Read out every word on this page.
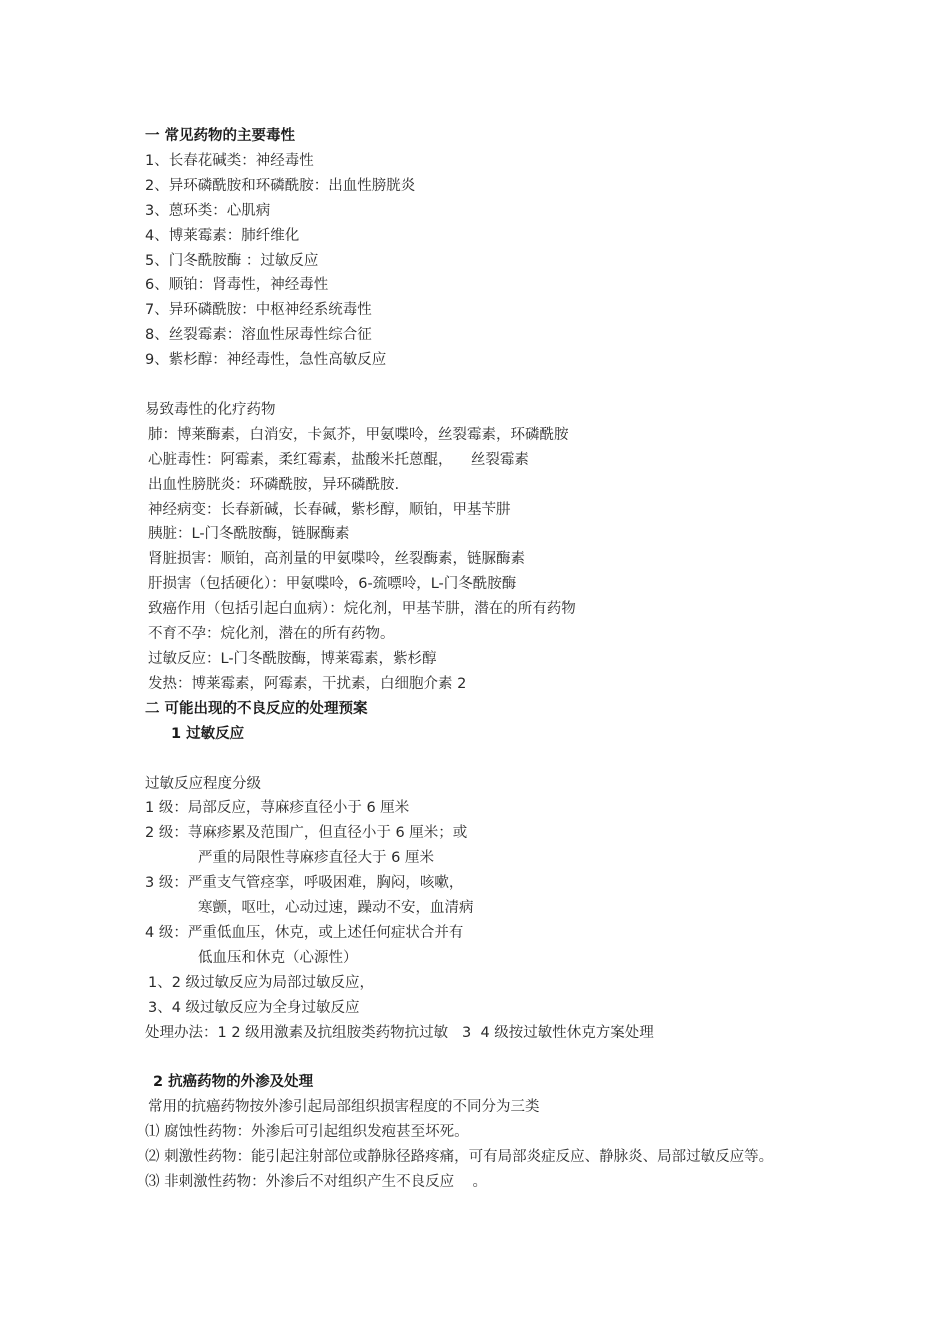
一 常见药物的主要毒性
1、长春花碱类：神经毒性
2、异环磷酰胺和环磷酰胺：出血性膀胱炎
3、蒽环类：心肌病
4、博莱霉素：肺纤维化
5、门冬酰胺酶 ：过敏反应
6、顺铂：肾毒性，神经毒性
7、异环磷酰胺：中枢神经系统毒性
8、丝裂霉素：溶血性尿毒性综合征
9、紫杉醇：神经毒性，急性高敏反应
易致毒性的化疗药物
肺：博莱酶素，白消安，卡氮芥，甲氨喋呤，丝裂霉素，环磷酰胺
心脏毒性：阿霉素，柔红霉素，盐酸米托蒽醌，    丝裂霉素
出血性膀胱炎：环磷酰胺，异环磷酰胺.
神经病变：长春新碱，长春碱，紫杉醇，顺铂，甲基苄肼
胰脏：L-门冬酰胺酶，链脲酶素
肾脏损害：顺铂，高剂量的甲氨喋呤，丝裂酶素，链脲酶素
肝损害（包括硬化）：甲氨喋呤，6-巯嘌呤，L-门冬酰胺酶
致癌作用（包括引起白血病）：烷化剂，甲基苄肼，潜在的所有药物
不育不孕：烷化剂，潜在的所有药物。
过敏反应：L-门冬酰胺酶，博莱霉素，紫杉醇
发热：博莱霉素，阿霉素，干扰素，白细胞介素 2
二 可能出现的不良反应的处理预案
1 过敏反应
过敏反应程度分级
1 级：局部反应，荨麻疹直径小于 6 厘米
2 级：荨麻疹累及范围广，但直径小于 6 厘米；或
严重的局限性荨麻疹直径大于 6 厘米
3 级：严重支气管痉挛，呼吸困难，胸闷，咳嗽，
寒颤，呕吐，心动过速，躁动不安，血清病
4 级：严重低血压，休克，或上述任何症状合并有
低血压和休克（心源性）
1、2 级过敏反应为局部过敏反应，
3、4 级过敏反应为全身过敏反应
处理办法：1 2 级用激素及抗组胺类药物抗过敏   3  4 级按过敏性休克方案处理
2 抗癌药物的外渗及处理
常用的抗癌药物按外渗引起局部组织损害程度的不同分为三类
⑴ 腐蚀性药物：外渗后可引起组织发疱甚至坏死。
⑵ 刺激性药物：能引起注射部位或静脉径路疼痛，可有局部炎症反应、静脉炎、局部过敏反应等。
⑶ 非刺激性药物：外渗后不对组织产生不良反应    。
